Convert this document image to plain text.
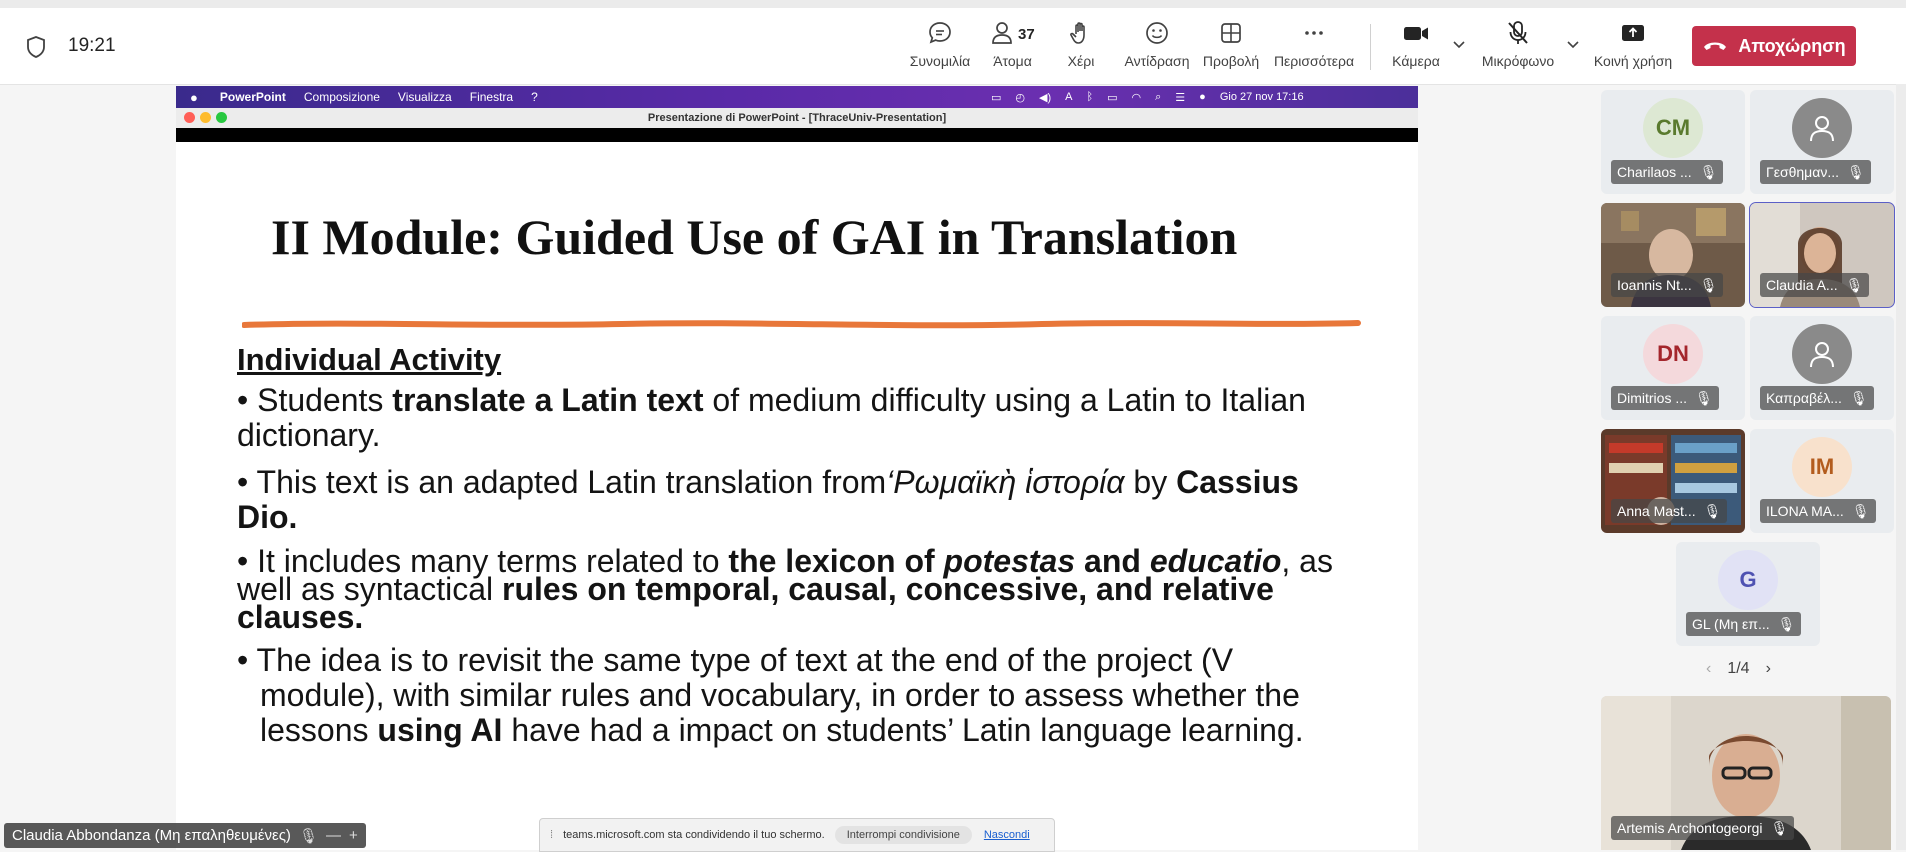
19:21
Συνομιλία Άτομα
37
Χέρι Αντίδραση Προβολή Περισσότερα	Κάμερα	Μικρόφωνο	Κοινή χρήση
Αποχώρηση
● PowerPoint Composizione Visualizza Finestra ?	▭ ◴ ◀) A ᛒ ▭ ◠ ⌕ ☰ ● Gio 27 nov 17:16
Presentazione di PowerPoint - [ThraceUniv-Presentation]
II Module: Guided Use of GAI in Translation
Individual Activity

• Students translate a Latin text of medium difficulty using a Latin to Italian dictionary.

• This text is an adapted Latin translation from‘Ρωμαϊκὴ ἱστορία by Cassius Dio.

• It includes many terms related to the lexicon of potestas and educatio, as well as syntactical rules on temporal, causal, concessive, and relative clauses.

• The idea is to revisit the same type of text at the end of the project (V module), with similar rules and vocabulary, in order to assess whether the lessons using AI have had a impact on students’ Latin language learning.

⁞ teams.microsoft.com sta condividendo il tuo schermo.	Interrompi condivisione	Nascondi
Claudia Abbondanza (Μη επαληθευμένες) 🎙 — +
CM
Charilaos ... 🎙	Γεσθημαν... 🎙
Ioannis Nt... 🎙	Claudia A... 🎙
DN
Dimitrios ... 🎙	Καπραβέλ... 🎙
Anna Mast... 🎙
IM
ILONA MA... 🎙
G
GL (Μη επ... 🎙
‹ 1/4 ›
Artemis Archontogeorgi 🎙
